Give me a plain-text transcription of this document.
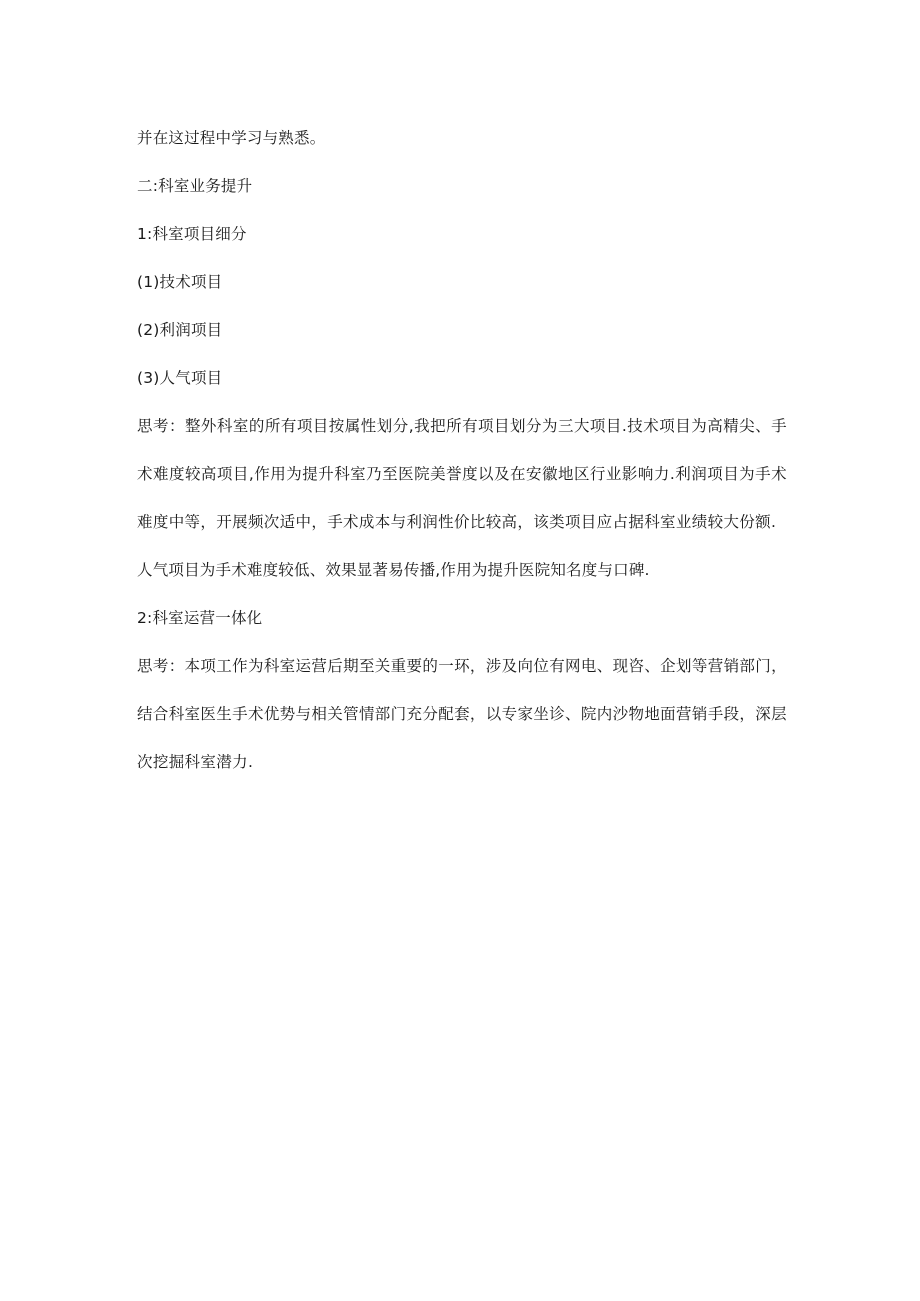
并在这过程中学习与熟悉。
二:科室业务提升
1:科室项目细分
(1)技术项目
(2)利润项目
(3)人气项目
思考：整外科室的所有项目按属性划分,我把所有项目划分为三大项目.技术项目为高精尖、手术难度较高项目,作用为提升科室乃至医院美誉度以及在安徽地区行业影响力.利润项目为手术难度中等，开展频次适中，手术成本与利润性价比较高，该类项目应占据科室业绩较大份额.
人气项目为手术难度较低、效果显著易传播,作用为提升医院知名度与口碑.
2:科室运营一体化
思考：本项工作为科室运营后期至关重要的一环，涉及向位有网电、现咨、企划等营销部门，结合科室医生手术优势与相关管情部门充分配套，以专家坐诊、院内沙物地面营销手段，深层次挖掘科室潜力.
